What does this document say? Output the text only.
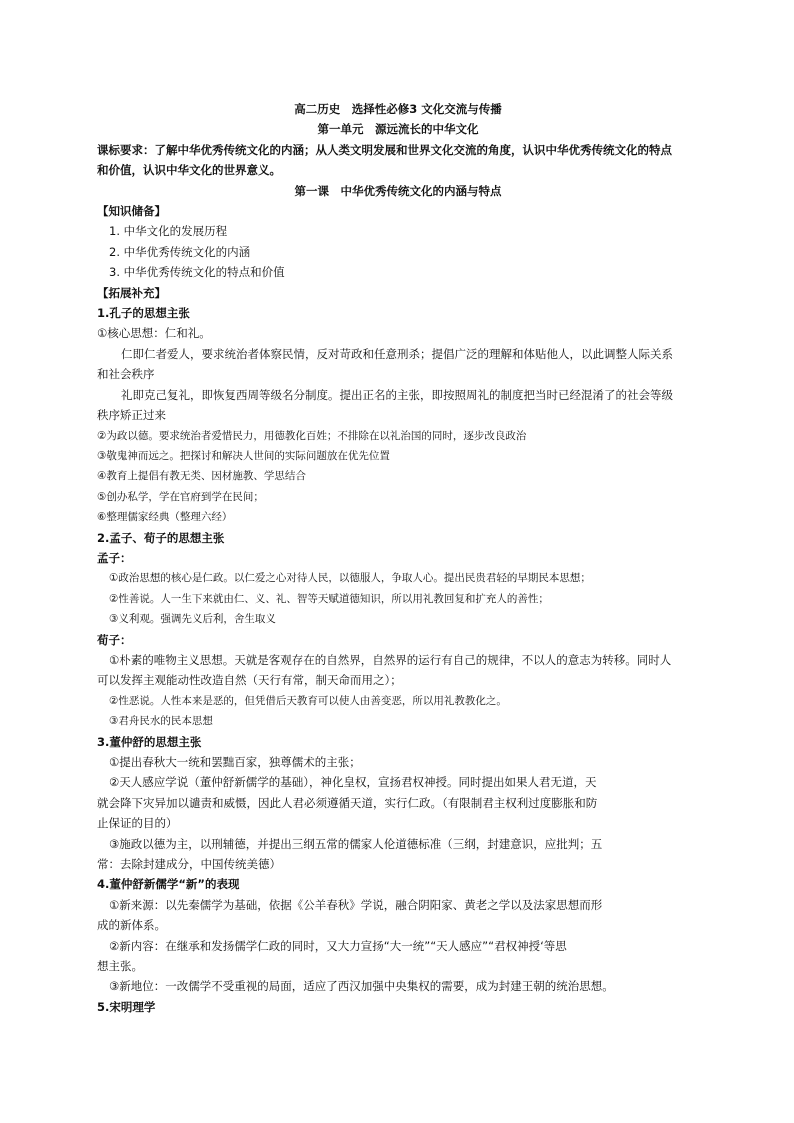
高二历史　选择性必修3 文化交流与传播
第一单元　源远流长的中华文化
课标要求：了解中华优秀传统文化的内涵；从人类文明发展和世界文化交流的角度，认识中华优秀传统文化的特点
和价值，认识中华文化的世界意义。
第一课　中华优秀传统文化的内涵与特点
【知识储备】
1. 中华文化的发展历程
2. 中华优秀传统文化的内涵
3. 中华优秀传统文化的特点和价值
【拓展补充】
1.孔子的思想主张
①核心思想：仁和礼。
仁即仁者爱人，要求统治者体察民情，反对苛政和任意刑杀；提倡广泛的理解和体贴他人，以此调整人际关系
和社会秩序
礼即克己复礼，即恢复西周等级名分制度。提出正名的主张，即按照周礼的制度把当时已经混淆了的社会等级
秩序矫正过来
②为政以德。要求统治者爱惜民力，用德教化百姓；不排除在以礼治国的同时，逐步改良政治
③敬鬼神而远之。把探讨和解决人世间的实际问题放在优先位置
④教育上提倡有教无类、因材施教、学思结合
⑤创办私学，学在官府到学在民间；
⑥整理儒家经典（整理六经）
2.孟子、荀子的思想主张
孟子：
①政治思想的核心是仁政。以仁爱之心对待人民，以德服人，争取人心。提出民贵君轻的早期民本思想；
②性善说。人一生下来就由仁、义、礼、智等天赋道德知识，所以用礼教回复和扩充人的善性；
③义利观。强调先义后利，舍生取义
荀子：
①朴素的唯物主义思想。天就是客观存在的自然界，自然界的运行有自己的规律，不以人的意志为转移。同时人
可以发挥主观能动性改造自然（天行有常，制天命而用之）；
②性恶说。人性本来是恶的，但凭借后天教育可以使人由善变恶，所以用礼教教化之。
③君舟民水的民本思想
3.董仲舒的思想主张
①提出春秋大一统和罢黜百家，独尊儒术的主张；
②天人感应学说（董仲舒新儒学的基础），神化皇权，宣扬君权神授。同时提出如果人君无道，天
就会降下灾异加以谴责和威慑，因此人君必须遵循天道，实行仁政。（有限制君主权利过度膨胀和防
止保证的目的）
③施政以德为主，以刑辅德，并提出三纲五常的儒家人伦道德标准（三纲，封建意识，应批判；五
常：去除封建成分，中国传统美德）
4.董仲舒新儒学“新”的表现
①新来源：以先秦儒学为基础，依据《公羊春秋》学说，融合阴阳家、黄老之学以及法家思想而形
成的新体系。
②新内容：在继承和发扬儒学仁政的同时，又大力宣扬“大一统”“天人感应”“君权神授‘等思
想主张。
③新地位：一改儒学不受重视的局面，适应了西汉加强中央集权的需要，成为封建王朝的统治思想。
5.宋明理学
